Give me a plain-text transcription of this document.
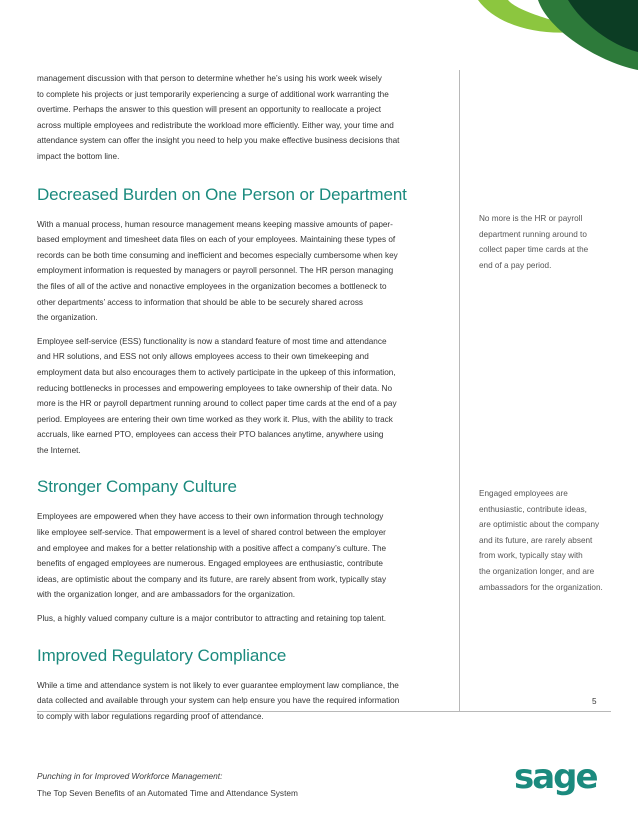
management discussion with that person to determine whether he’s using his work week wisely
to complete his projects or just temporarily experiencing a surge of additional work warranting the
overtime. Perhaps the answer to this question will present an opportunity to reallocate a project
across multiple employees and redistribute the workload more efficiently. Either way, your time and
attendance system can offer the insight you need to help you make effective business decisions that
impact the bottom line.

Decreased Burden on One Person or Department

With a manual process, human resource management means keeping massive amounts of paper-
based employment and timesheet data files on each of your employees. Maintaining these types of
records can be both time consuming and inefficient and becomes especially cumbersome when key
employment information is requested by managers or payroll personnel. The HR person managing
the files of all of the active and nonactive employees in the organization becomes a bottleneck to
other departments’ access to information that should be able to be securely shared across
the organization.

Employee self-service (ESS) functionality is now a standard feature of most time and attendance
and HR solutions, and ESS not only allows employees access to their own timekeeping and
employment data but also encourages them to actively participate in the upkeep of this information,
reducing bottlenecks in processes and empowering employees to take ownership of their data. No
more is the HR or payroll department running around to collect paper time cards at the end of a pay
period. Employees are entering their own time worked as they work it. Plus, with the ability to track
accruals, like earned PTO, employees can access their PTO balances anytime, anywhere using
the Internet.

Stronger Company Culture

Employees are empowered when they have access to their own information through technology
like employee self-service. That empowerment is a level of shared control between the employer
and employee and makes for a better relationship with a positive affect a company’s culture. The
benefits of engaged employees are numerous. Engaged employees are enthusiastic, contribute
ideas, are optimistic about the company and its future, are rarely absent from work, typically stay
with the organization longer, and are ambassadors for the organization.

Plus, a highly valued company culture is a major contributor to attracting and retaining top talent.

Improved Regulatory Compliance

While a time and attendance system is not likely to ever guarantee employment law compliance, the
data collected and available through your system can help ensure you have the required information
to comply with labor regulations regarding proof of attendance.

No more is the HR or payroll
department running around to
collect paper time cards at the
end of a pay period.
Engaged employees are
enthusiastic, contribute ideas,
are optimistic about the company
and its future, are rarely absent
from work, typically stay with
the organization longer, and are
ambassadors for the organization.
5
Punching in for Improved Workforce Management:
The Top Seven Benefits of an Automated Time and Attendance System	sage
